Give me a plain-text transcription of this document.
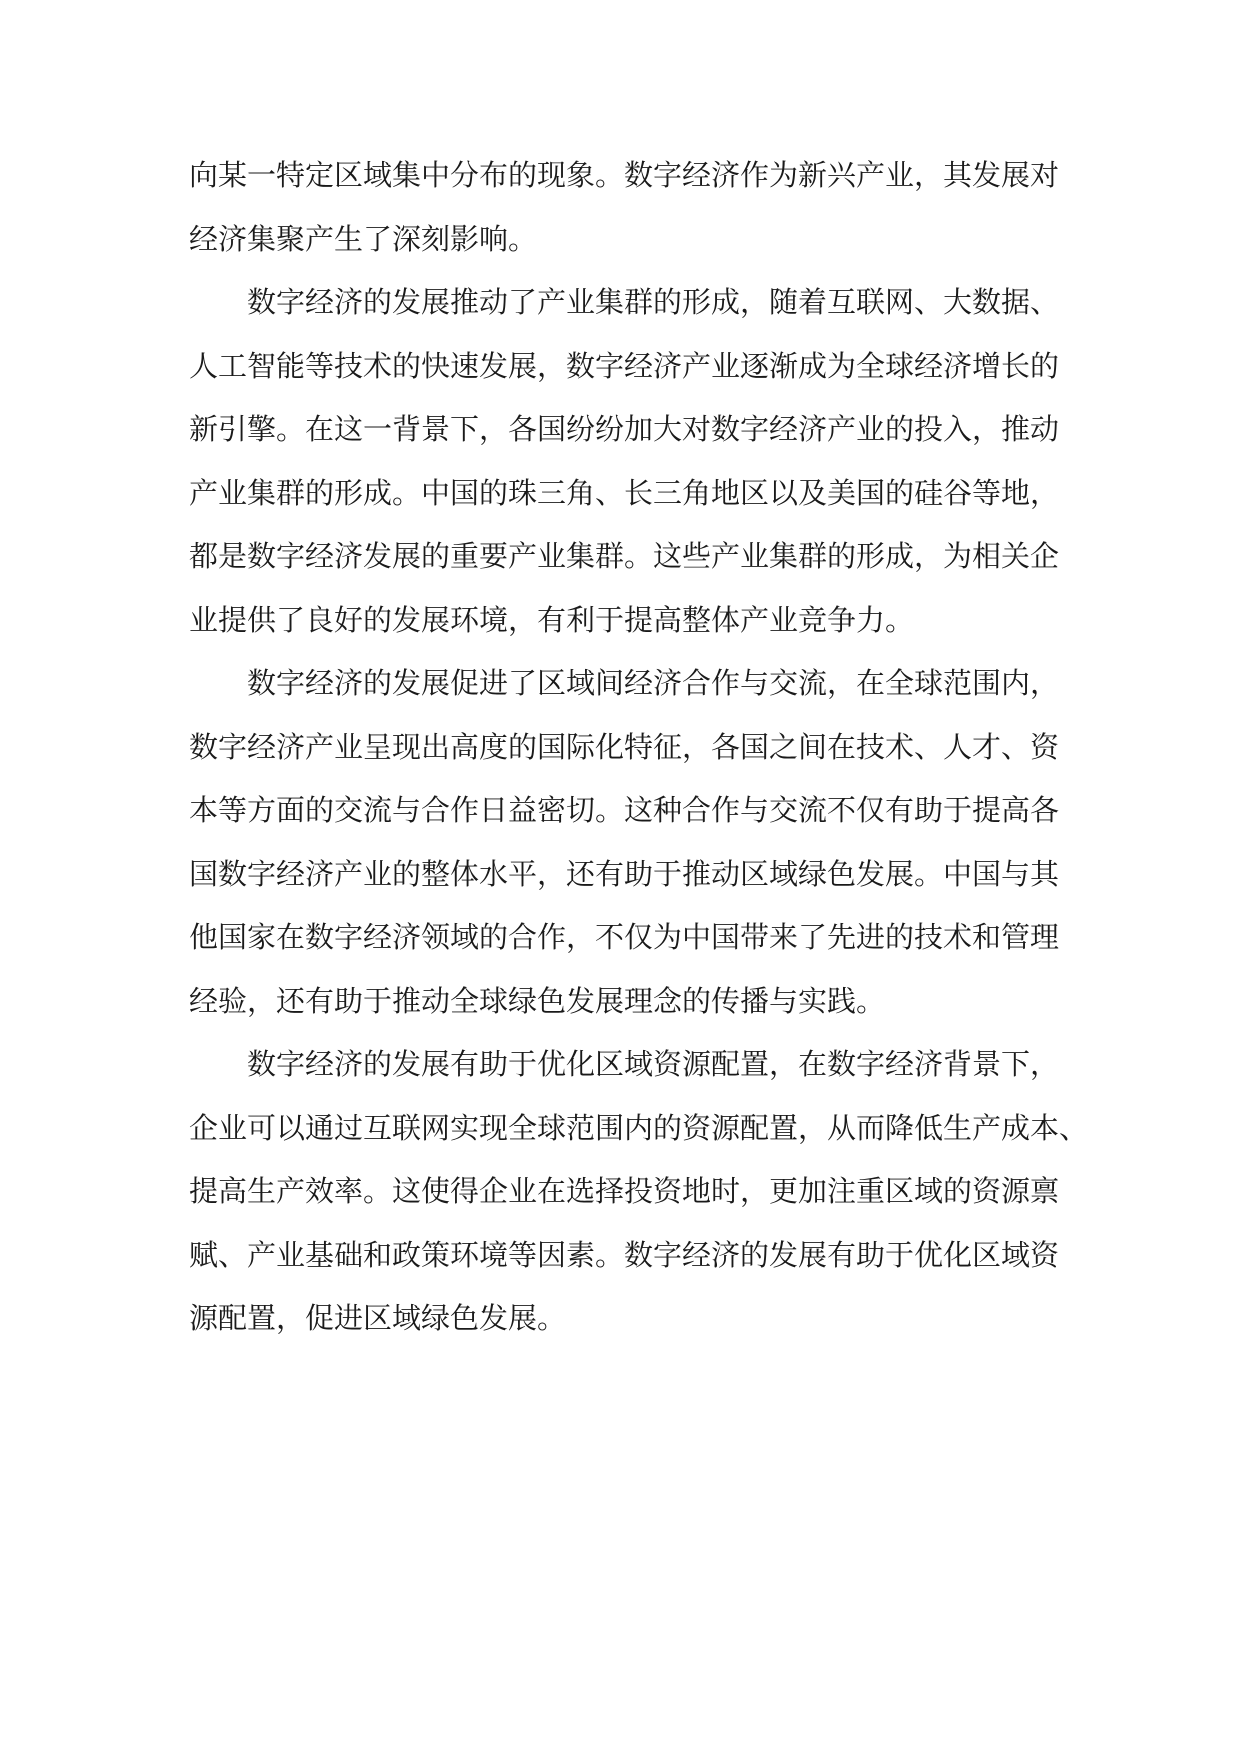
向某一特定区域集中分布的现象。数字经济作为新兴产业，其发展对
经济集聚产生了深刻影响。
数字经济的发展推动了产业集群的形成，随着互联网、大数据、
人工智能等技术的快速发展，数字经济产业逐渐成为全球经济增长的
新引擎。在这一背景下，各国纷纷加大对数字经济产业的投入，推动
产业集群的形成。中国的珠三角、长三角地区以及美国的硅谷等地，
都是数字经济发展的重要产业集群。这些产业集群的形成，为相关企
业提供了良好的发展环境，有利于提高整体产业竞争力。
数字经济的发展促进了区域间经济合作与交流，在全球范围内，
数字经济产业呈现出高度的国际化特征，各国之间在技术、人才、资
本等方面的交流与合作日益密切。这种合作与交流不仅有助于提高各
国数字经济产业的整体水平，还有助于推动区域绿色发展。中国与其
他国家在数字经济领域的合作，不仅为中国带来了先进的技术和管理
经验，还有助于推动全球绿色发展理念的传播与实践。
数字经济的发展有助于优化区域资源配置，在数字经济背景下，
企业可以通过互联网实现全球范围内的资源配置，从而降低生产成本、
提高生产效率。这使得企业在选择投资地时，更加注重区域的资源禀
赋、产业基础和政策环境等因素。数字经济的发展有助于优化区域资
源配置，促进区域绿色发展。
